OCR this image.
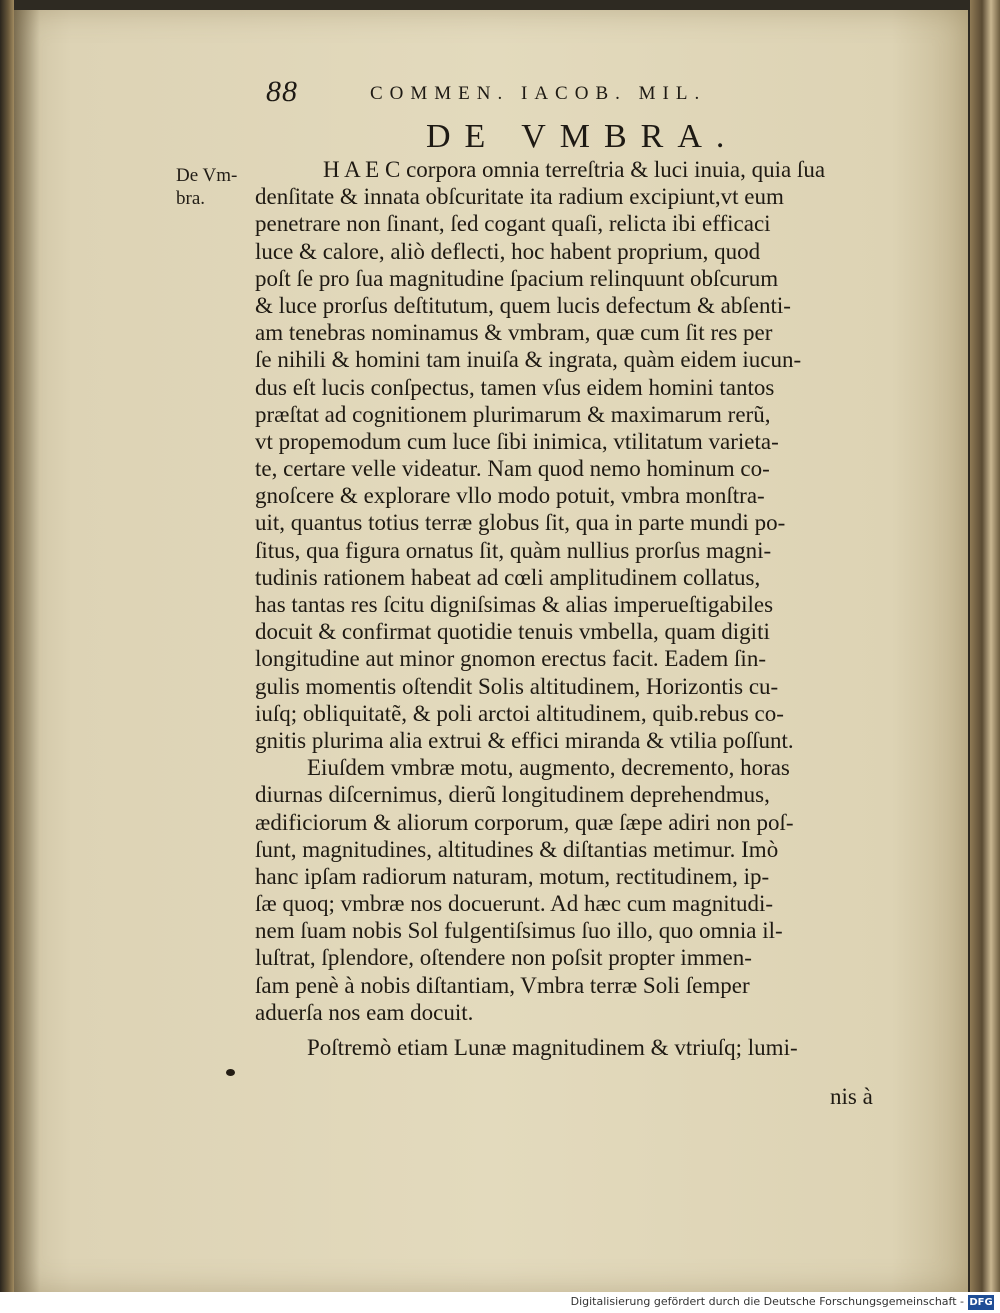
88	COMMEN. IACOB. MIL.
DE VMBRA.
De Vm-
bra.
H A E C corpora omnia terreſtria & luci inuia, quia ſua
denſitate & innata obſcuritate ita radium excipiunt,vt eum
penetrare non ſinant, ſed cogant quaſi, relicta ibi efficaci
luce & calore, aliò deflecti, hoc habent proprium, quod
poſt ſe pro ſua magnitudine ſpacium relinquunt obſcurum
& luce prorſus deſtitutum, quem lucis defectum & abſenti-
am tenebras nominamus & vmbram, quæ cum ſit res per
ſe nihili & homini tam inuiſa & ingrata, quàm eidem iucun-
dus eſt lucis conſpectus, tamen vſus eidem homini tantos
præſtat ad cognitionem plurimarum & maximarum rerũ,
vt propemodum cum luce ſibi inimica, vtilitatum varieta-
te, certare velle videatur. Nam quod nemo hominum co-
gnoſcere & explorare vllo modo potuit, vmbra monſtra-
uit, quantus totius terræ globus ſit, qua in parte mundi po-
ſitus, qua figura ornatus ſit, quàm nullius prorſus magni-
tudinis rationem habeat ad cœli amplitudinem collatus,
has tantas res ſcitu digniſsimas & alias imperueſtigabiles
docuit & confirmat quotidie tenuis vmbella, quam digiti
longitudine aut minor gnomon erectus facit. Eadem ſin-
gulis momentis oſtendit Solis altitudinem, Horizontis cu-
iuſq; obliquitatẽ, & poli arctoi altitudinem, quib.rebus co-
gnitis plurima alia extrui & effici miranda & vtilia poſſunt.
Eiuſdem vmbræ motu, augmento, decremento, horas
diurnas diſcernimus, dierũ longitudinem deprehendmus,
ædificiorum & aliorum corporum, quæ ſæpe adiri non poſ-
ſunt, magnitudines, altitudines & diſtantias metimur. Imò
hanc ipſam radiorum naturam, motum, rectitudinem, ip-
ſæ quoq; vmbræ nos docuerunt. Ad hæc cum magnitudi-
nem ſuam nobis Sol fulgentiſsimus ſuo illo, quo omnia il-
luſtrat, ſplendore, oſtendere non poſsit propter immen-
ſam penè à nobis diſtantiam, Vmbra terræ Soli ſemper
aduerſa nos eam docuit.
Poſtremò etiam Lunæ magnitudinem & vtriuſq; lumi-
nis à
Digitalisierung gefördert durch die Deutsche Forschungsgemeinschaft - DFG
